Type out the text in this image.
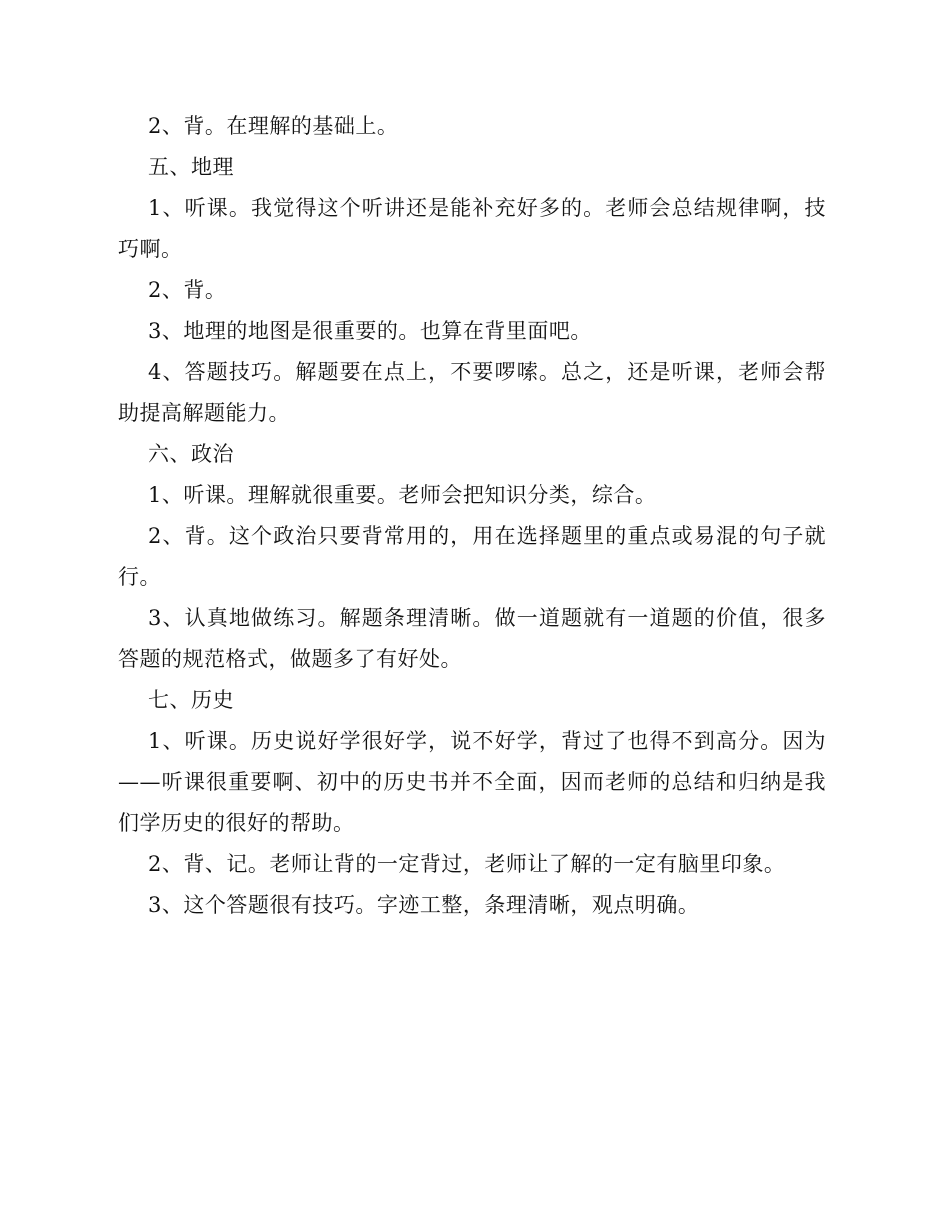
2、背。在理解的基础上。

五、地理

1、听课。我觉得这个听讲还是能补充好多的。老师会总结规律啊，技巧啊。

2、背。

3、地理的地图是很重要的。也算在背里面吧。

4、答题技巧。解题要在点上，不要啰嗦。总之，还是听课，老师会帮助提高解题能力。

六、政治

1、听课。理解就很重要。老师会把知识分类，综合。

2、背。这个政治只要背常用的，用在选择题里的重点或易混的句子就行。

3、认真地做练习。解题条理清晰。做一道题就有一道题的价值，很多答题的规范格式，做题多了有好处。

七、历史

1、听课。历史说好学很好学，说不好学，背过了也得不到高分。因为——听课很重要啊、初中的历史书并不全面，因而老师的总结和归纳是我们学历史的很好的帮助。

2、背、记。老师让背的一定背过，老师让了解的一定有脑里印象。

3、这个答题很有技巧。字迹工整，条理清晰，观点明确。
